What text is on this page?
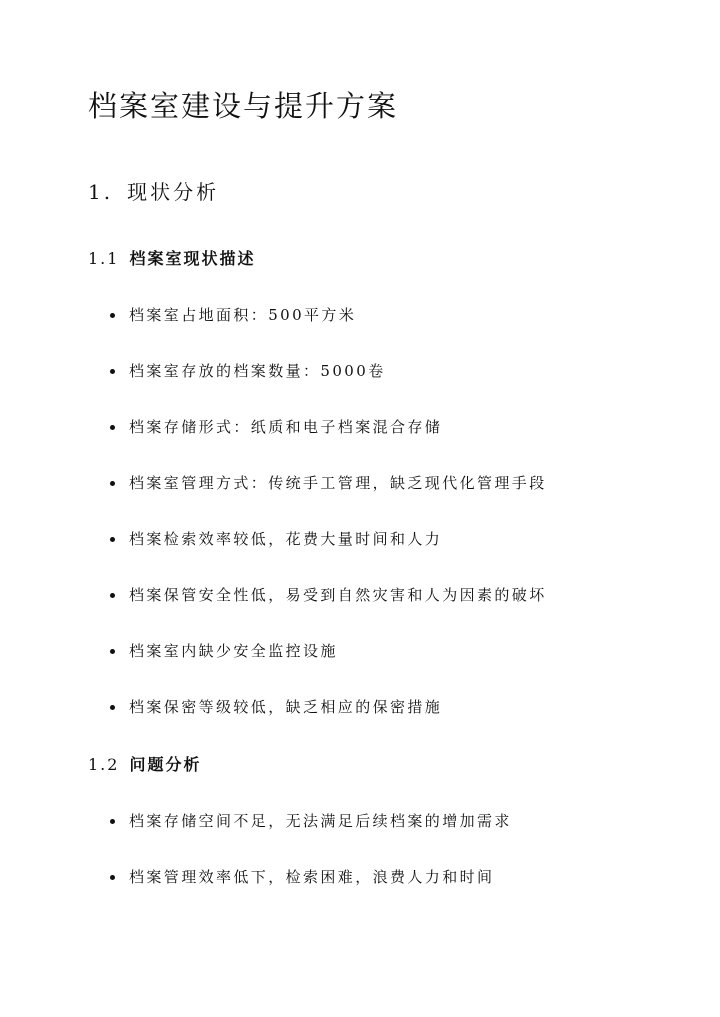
档案室建设与提升方案
1. 现状分析
1.1 档案室现状描述
档案室占地面积：500平方米
档案室存放的档案数量：5000卷
档案存储形式：纸质和电子档案混合存储
档案室管理方式：传统手工管理，缺乏现代化管理手段
档案检索效率较低，花费大量时间和人力
档案保管安全性低，易受到自然灾害和人为因素的破坏
档案室内缺少安全监控设施
档案保密等级较低，缺乏相应的保密措施
1.2 问题分析
档案存储空间不足，无法满足后续档案的增加需求
档案管理效率低下，检索困难，浪费人力和时间
